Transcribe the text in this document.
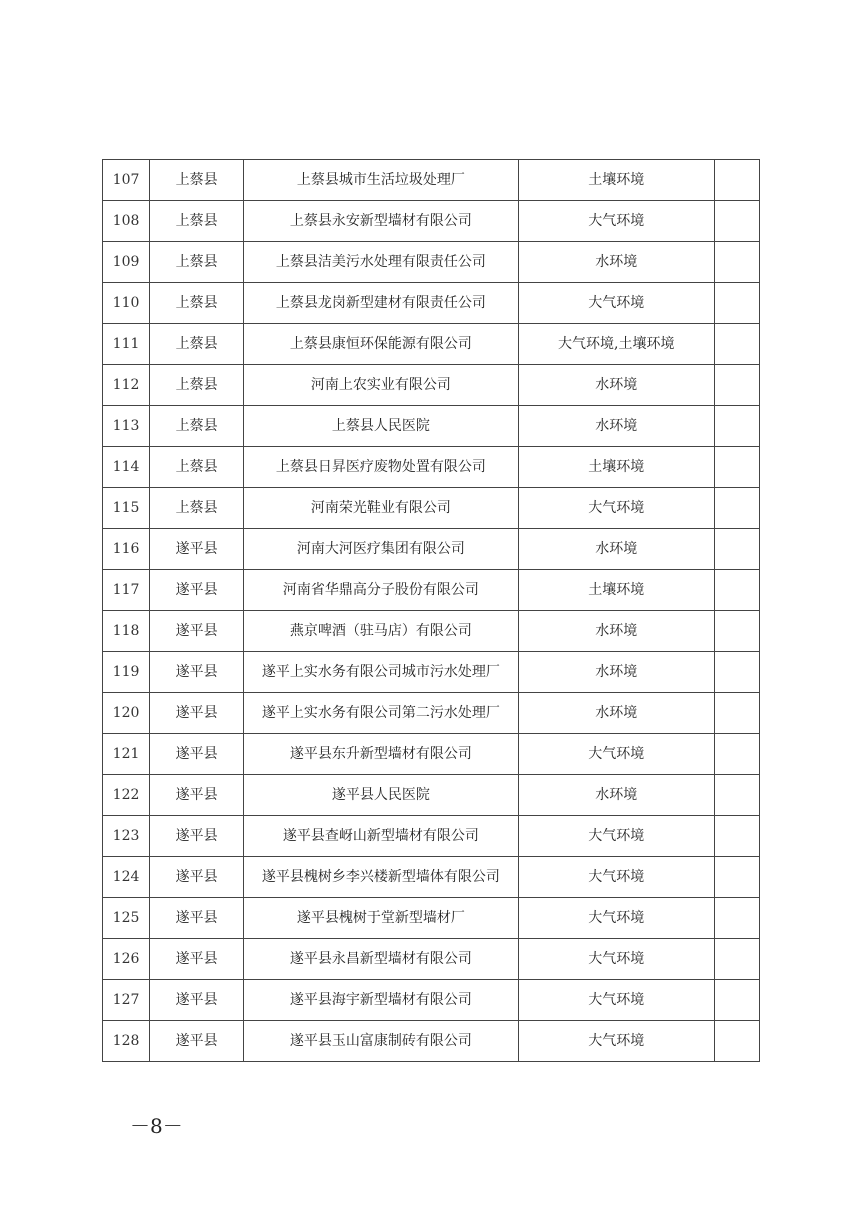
107	上蔡县	上蔡县城市生活垃圾处理厂	土壤环境	
108	上蔡县	上蔡县永安新型墙材有限公司	大气环境	
109	上蔡县	上蔡县洁美污水处理有限责任公司	水环境	
110	上蔡县	上蔡县龙岗新型建材有限责任公司	大气环境	
111	上蔡县	上蔡县康恒环保能源有限公司	大气环境,土壤环境	
112	上蔡县	河南上农实业有限公司	水环境	
113	上蔡县	上蔡县人民医院	水环境	
114	上蔡县	上蔡县日昇医疗废物处置有限公司	土壤环境	
115	上蔡县	河南荣光鞋业有限公司	大气环境	
116	遂平县	河南大河医疗集团有限公司	水环境	
117	遂平县	河南省华鼎高分子股份有限公司	土壤环境	
118	遂平县	燕京啤酒（驻马店）有限公司	水环境	
119	遂平县	遂平上实水务有限公司城市污水处理厂	水环境	
120	遂平县	遂平上实水务有限公司第二污水处理厂	水环境	
121	遂平县	遂平县东升新型墙材有限公司	大气环境	
122	遂平县	遂平县人民医院	水环境	
123	遂平县	遂平县查岈山新型墙材有限公司	大气环境	
124	遂平县	遂平县槐树乡李兴楼新型墙体有限公司	大气环境	
125	遂平县	遂平县槐树于堂新型墙材厂	大气环境	
126	遂平县	遂平县永昌新型墙材有限公司	大气环境	
127	遂平县	遂平县海宇新型墙材有限公司	大气环境	
128	遂平县	遂平县玉山富康制砖有限公司	大气环境	
－8－
